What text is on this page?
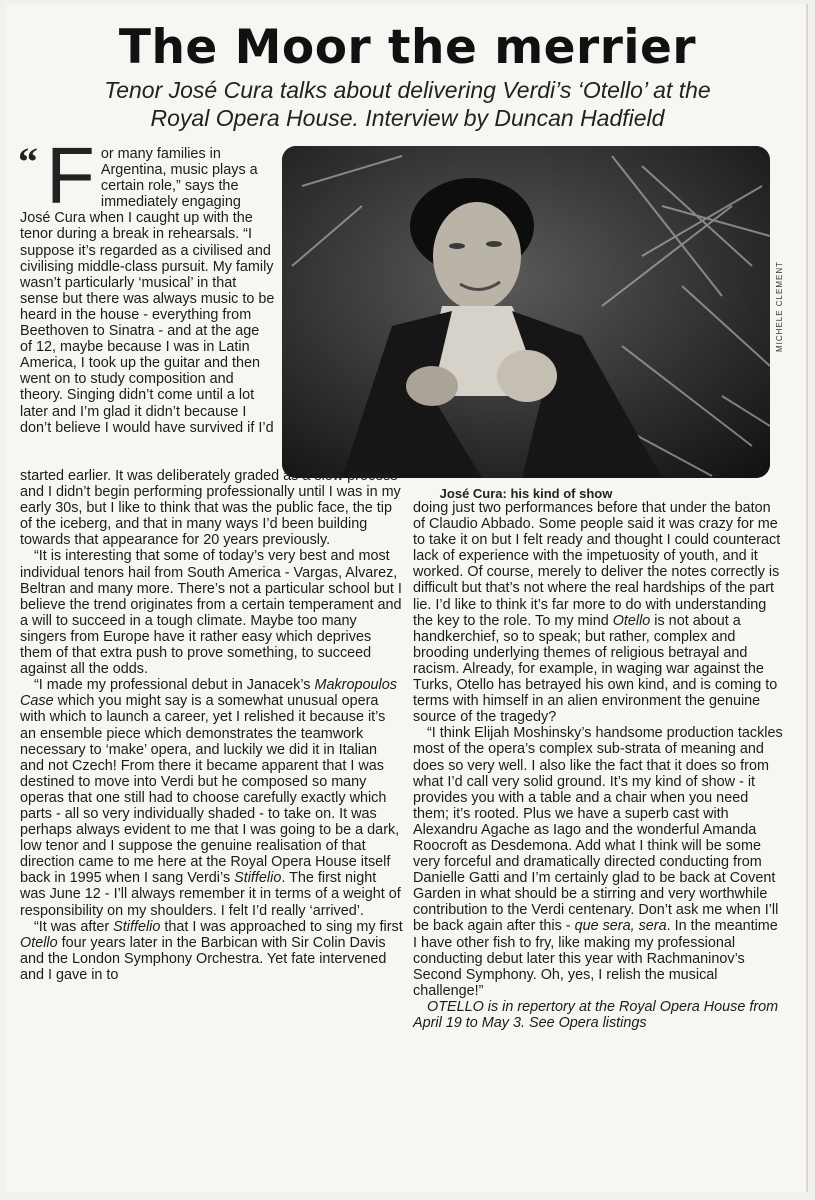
The Moor the merrier

Tenor José Cura talks about delivering Verdi’s ‘Otello’ at the
Royal Opera House. Interview by Duncan Hadfield

“ F or many families in Argentina, music plays a certain role,” says the immediately engaging José Cura when I caught up with the tenor during a break in rehearsals. “I suppose it’s regarded as a civilised and civilising middle-class pursuit. My family wasn’t particularly ‘musical’ in that sense but there was always music to be heard in the house - everything from Beethoven to Sinatra - and at the age of 12, maybe because I was in Latin America, I took up the guitar and then went on to study composition and theory. Singing didn’t come until a lot later and I’m glad it didn’t because I don’t believe I would have survived if I’d
MICHELE CLEMENT
José Cura: his kind of show

started earlier. It was deliberately graded as a slow process and I didn’t begin performing professionally until I was in my early 30s, but I like to think that was the public face, the tip of the iceberg, and that in many ways I’d been building towards that appearance for 20 years previously.

“It is interesting that some of today’s very best and most individual tenors hail from South America - Vargas, Alvarez, Beltran and many more. There’s not a particular school but I believe the trend originates from a certain temperament and a will to succeed in a tough climate. Maybe too many singers from Europe have it rather easy which deprives them of that extra push to prove something, to succeed against all the odds.

“I made my professional debut in Janacek’s Makropoulos Case which you might say is a somewhat unusual opera with which to launch a career, yet I relished it because it’s an ensemble piece which demonstrates the teamwork necessary to ‘make’ opera, and luckily we did it in Italian and not Czech! From there it became apparent that I was destined to move into Verdi but he composed so many operas that one still had to choose carefully exactly which parts - all so very individually shaded - to take on. It was perhaps always evident to me that I was going to be a dark, low tenor and I suppose the genuine realisation of that direction came to me here at the Royal Opera House itself back in 1995 when I sang Verdi’s Stiffelio. The first night was June 12 - I’ll always remember it in terms of a weight of responsibility on my shoulders. I felt I’d really ‘arrived’.

“It was after Stiffelio that I was approached to sing my first Otello four years later in the Barbican with Sir Colin Davis and the London Symphony Orchestra. Yet fate intervened and I gave in to

doing just two performances before that under the baton of Claudio Abbado. Some people said it was crazy for me to take it on but I felt ready and thought I could counteract lack of experience with the impetuosity of youth, and it worked. Of course, merely to deliver the notes correctly is difficult but that’s not where the real hardships of the part lie. I’d like to think it’s far more to do with understanding the key to the role. To my mind Otello is not about a handkerchief, so to speak; but rather, complex and brooding underlying themes of religious betrayal and racism. Already, for example, in waging war against the Turks, Otello has betrayed his own kind, and is coming to terms with himself in an alien environment the genuine source of the tragedy?

“I think Elijah Moshinsky’s handsome production tackles most of the opera’s complex sub-strata of meaning and does so very well. I also like the fact that it does so from what I’d call very solid ground. It’s my kind of show - it provides you with a table and a chair when you need them; it’s rooted. Plus we have a superb cast with Alexandru Agache as Iago and the wonderful Amanda Roocroft as Desdemona. Add what I think will be some very forceful and dramatically directed conducting from Danielle Gatti and I’m certainly glad to be back at Covent Garden in what should be a stirring and very worthwhile contribution to the Verdi centenary. Don’t ask me when I’ll be back again after this - que sera, sera. In the meantime I have other fish to fry, like making my professional conducting debut later this year with Rachmaninov’s Second Symphony. Oh, yes, I relish the musical challenge!”

OTELLO is in repertory at the Royal Opera House from April 19 to May 3. See Opera listings
